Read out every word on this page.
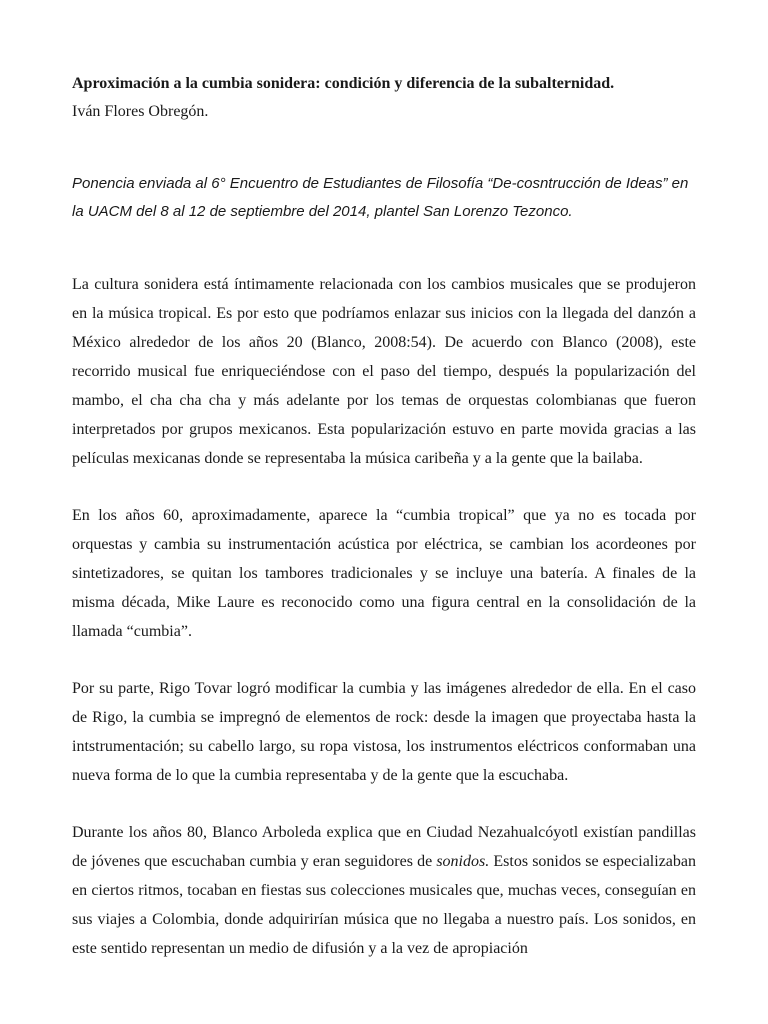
Aproximación a la cumbia sonidera: condición y diferencia de la subalternidad.

Iván Flores Obregón.

Ponencia enviada al 6° Encuentro de Estudiantes de Filosofía “De-cosntrucción de Ideas” en la UACM del 8 al 12 de septiembre del 2014, plantel San Lorenzo Tezonco.

La cultura sonidera está íntimamente relacionada con los cambios musicales que se produjeron en la música tropical. Es por esto que podríamos enlazar sus inicios con la llegada del danzón a México alrededor de los años 20 (Blanco, 2008:54). De acuerdo con Blanco (2008), este recorrido musical fue enriqueciéndose con el paso del tiempo, después la popularización del mambo, el cha cha cha y más adelante por los temas de orquestas colombianas que fueron interpretados por grupos mexicanos. Esta popularización estuvo en parte movida gracias a las películas mexicanas donde se representaba la música caribeña y a la gente que la bailaba.

En los años 60, aproximadamente, aparece la “cumbia tropical” que ya no es tocada por orquestas y cambia su instrumentación acústica por eléctrica, se cambian los acordeones por sintetizadores, se quitan los tambores tradicionales y se incluye una batería. A finales de la misma década, Mike Laure es reconocido como una figura central en la consolidación de la llamada “cumbia”.

Por su parte, Rigo Tovar logró modificar la cumbia y las imágenes alrededor de ella. En el caso de Rigo, la cumbia se impregnó de elementos de rock: desde la imagen que proyectaba hasta la intstrumentación; su cabello largo, su ropa vistosa, los instrumentos eléctricos conformaban una nueva forma de lo que la cumbia representaba y de la gente que la escuchaba.

Durante los años 80, Blanco Arboleda explica que en Ciudad Nezahualcóyotl existían pandillas de jóvenes que escuchaban cumbia y eran seguidores de sonidos. Estos sonidos se especializaban en ciertos ritmos, tocaban en fiestas sus colecciones musicales que, muchas veces, conseguían en sus viajes a Colombia, donde adquirirían música que no llegaba a nuestro país. Los sonidos, en este sentido representan un medio de difusión y a la vez de apropiación
